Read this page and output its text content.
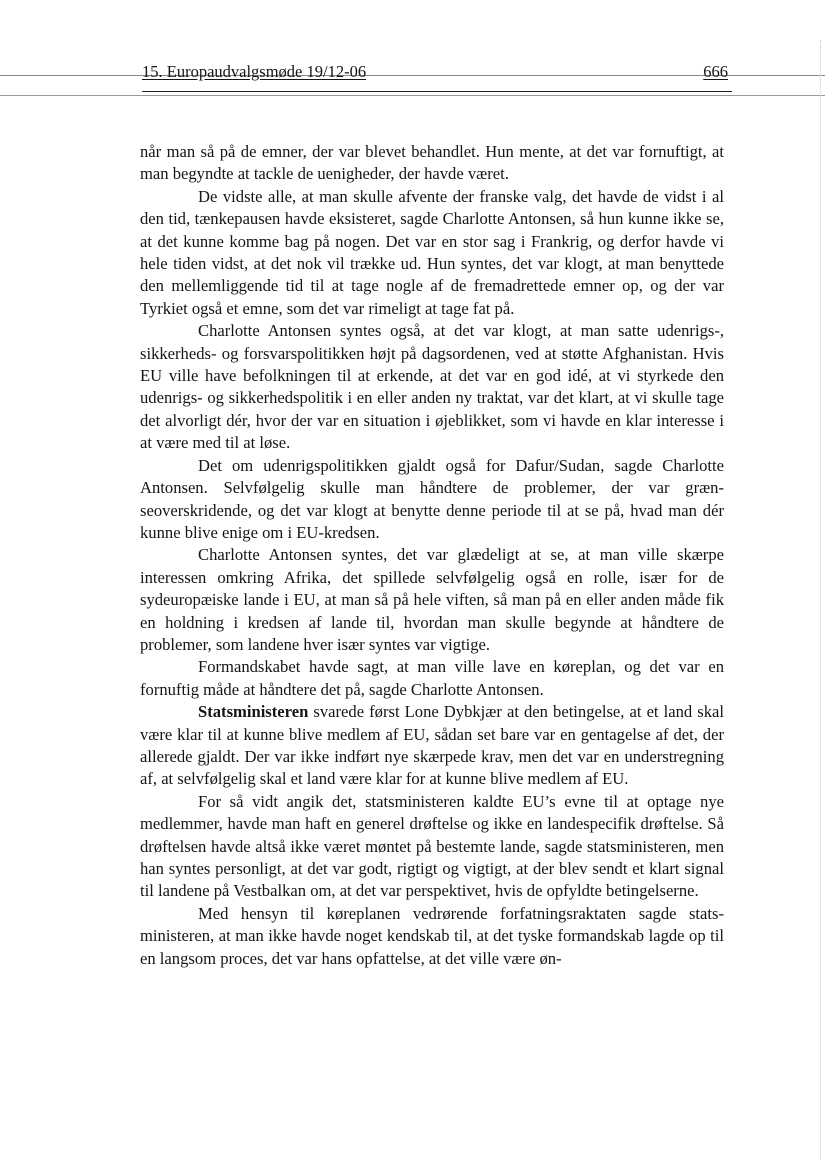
15. Europaudvalgsmøde 19/12-06	666

når man så på de emner, der var blevet behandlet. Hun mente, at det var fornuftigt, at man begyndte at tackle de uenigheder, der havde været.

De vidste alle, at man skulle afvente der franske valg, det havde de vidst i al den tid, tænkepausen havde eksisteret, sagde Charlotte Antonsen, så hun kunne ikke se, at det kunne komme bag på nogen. Det var en stor sag i Frankrig, og derfor havde vi hele tiden vidst, at det nok vil trække ud. Hun syntes, det var klogt, at man benyttede den mellemliggende tid til at tage nogle af de fremadrettede emner op, og der var Tyrkiet også et emne, som det var rimeligt at tage fat på.

Charlotte Antonsen syntes også, at det var klogt, at man satte udenrigs-, sikkerheds- og forsvarspolitikken højt på dagsordenen, ved at støtte Afghanistan. Hvis EU ville have befolkningen til at erkende, at det var en god idé, at vi styrkede den udenrigs- og sikkerhedspolitik i en eller anden ny traktat, var det klart, at vi skulle tage det alvorligt dér, hvor der var en situation i øjeblikket, som vi havde en klar interesse i at være med til at løse.

Det om udenrigspolitikken gjaldt også for Dafur/Sudan, sagde Charlotte Antonsen. Selvfølgelig skulle man håndtere de problemer, der var grænseoverskridende, og det var klogt at benytte denne periode til at se på, hvad man dér kunne blive enige om i EU-kredsen.

Charlotte Antonsen syntes, det var glædeligt at se, at man ville skærpe interessen omkring Afrika, det spillede selvfølgelig også en rolle, især for de sydeuropæiske lande i EU, at man så på hele viften, så man på en eller anden måde fik en holdning i kredsen af lande til, hvordan man skulle begynde at håndtere de problemer, som landene hver især syntes var vigtige.

Formandskabet havde sagt, at man ville lave en køreplan, og det var en fornuftig måde at håndtere det på, sagde Charlotte Antonsen.

Statsministeren svarede først Lone Dybkjær at den betingelse, at et land skal være klar til at kunne blive medlem af EU, sådan set bare var en gentagelse af det, der allerede gjaldt. Der var ikke indført nye skærpede krav, men det var en understregning af, at selvfølgelig skal et land være klar for at kunne blive medlem af EU.

For så vidt angik det, statsministeren kaldte EU’s evne til at optage nye medlemmer, havde man haft en generel drøftelse og ikke en landespecifik drøftelse. Så drøftelsen havde altså ikke været møntet på bestemte lande, sagde statsministeren, men han syntes personligt, at det var godt, rigtigt og vigtigt, at der blev sendt et klart signal til landene på Vestbalkan om, at det var perspektivet, hvis de opfyldte betingelserne.

Med hensyn til køreplanen vedrørende forfatningsraktaten sagde statsministeren, at man ikke havde noget kendskab til, at det tyske formandskab lagde op til en langsom proces, det var hans opfattelse, at det ville være øn-
